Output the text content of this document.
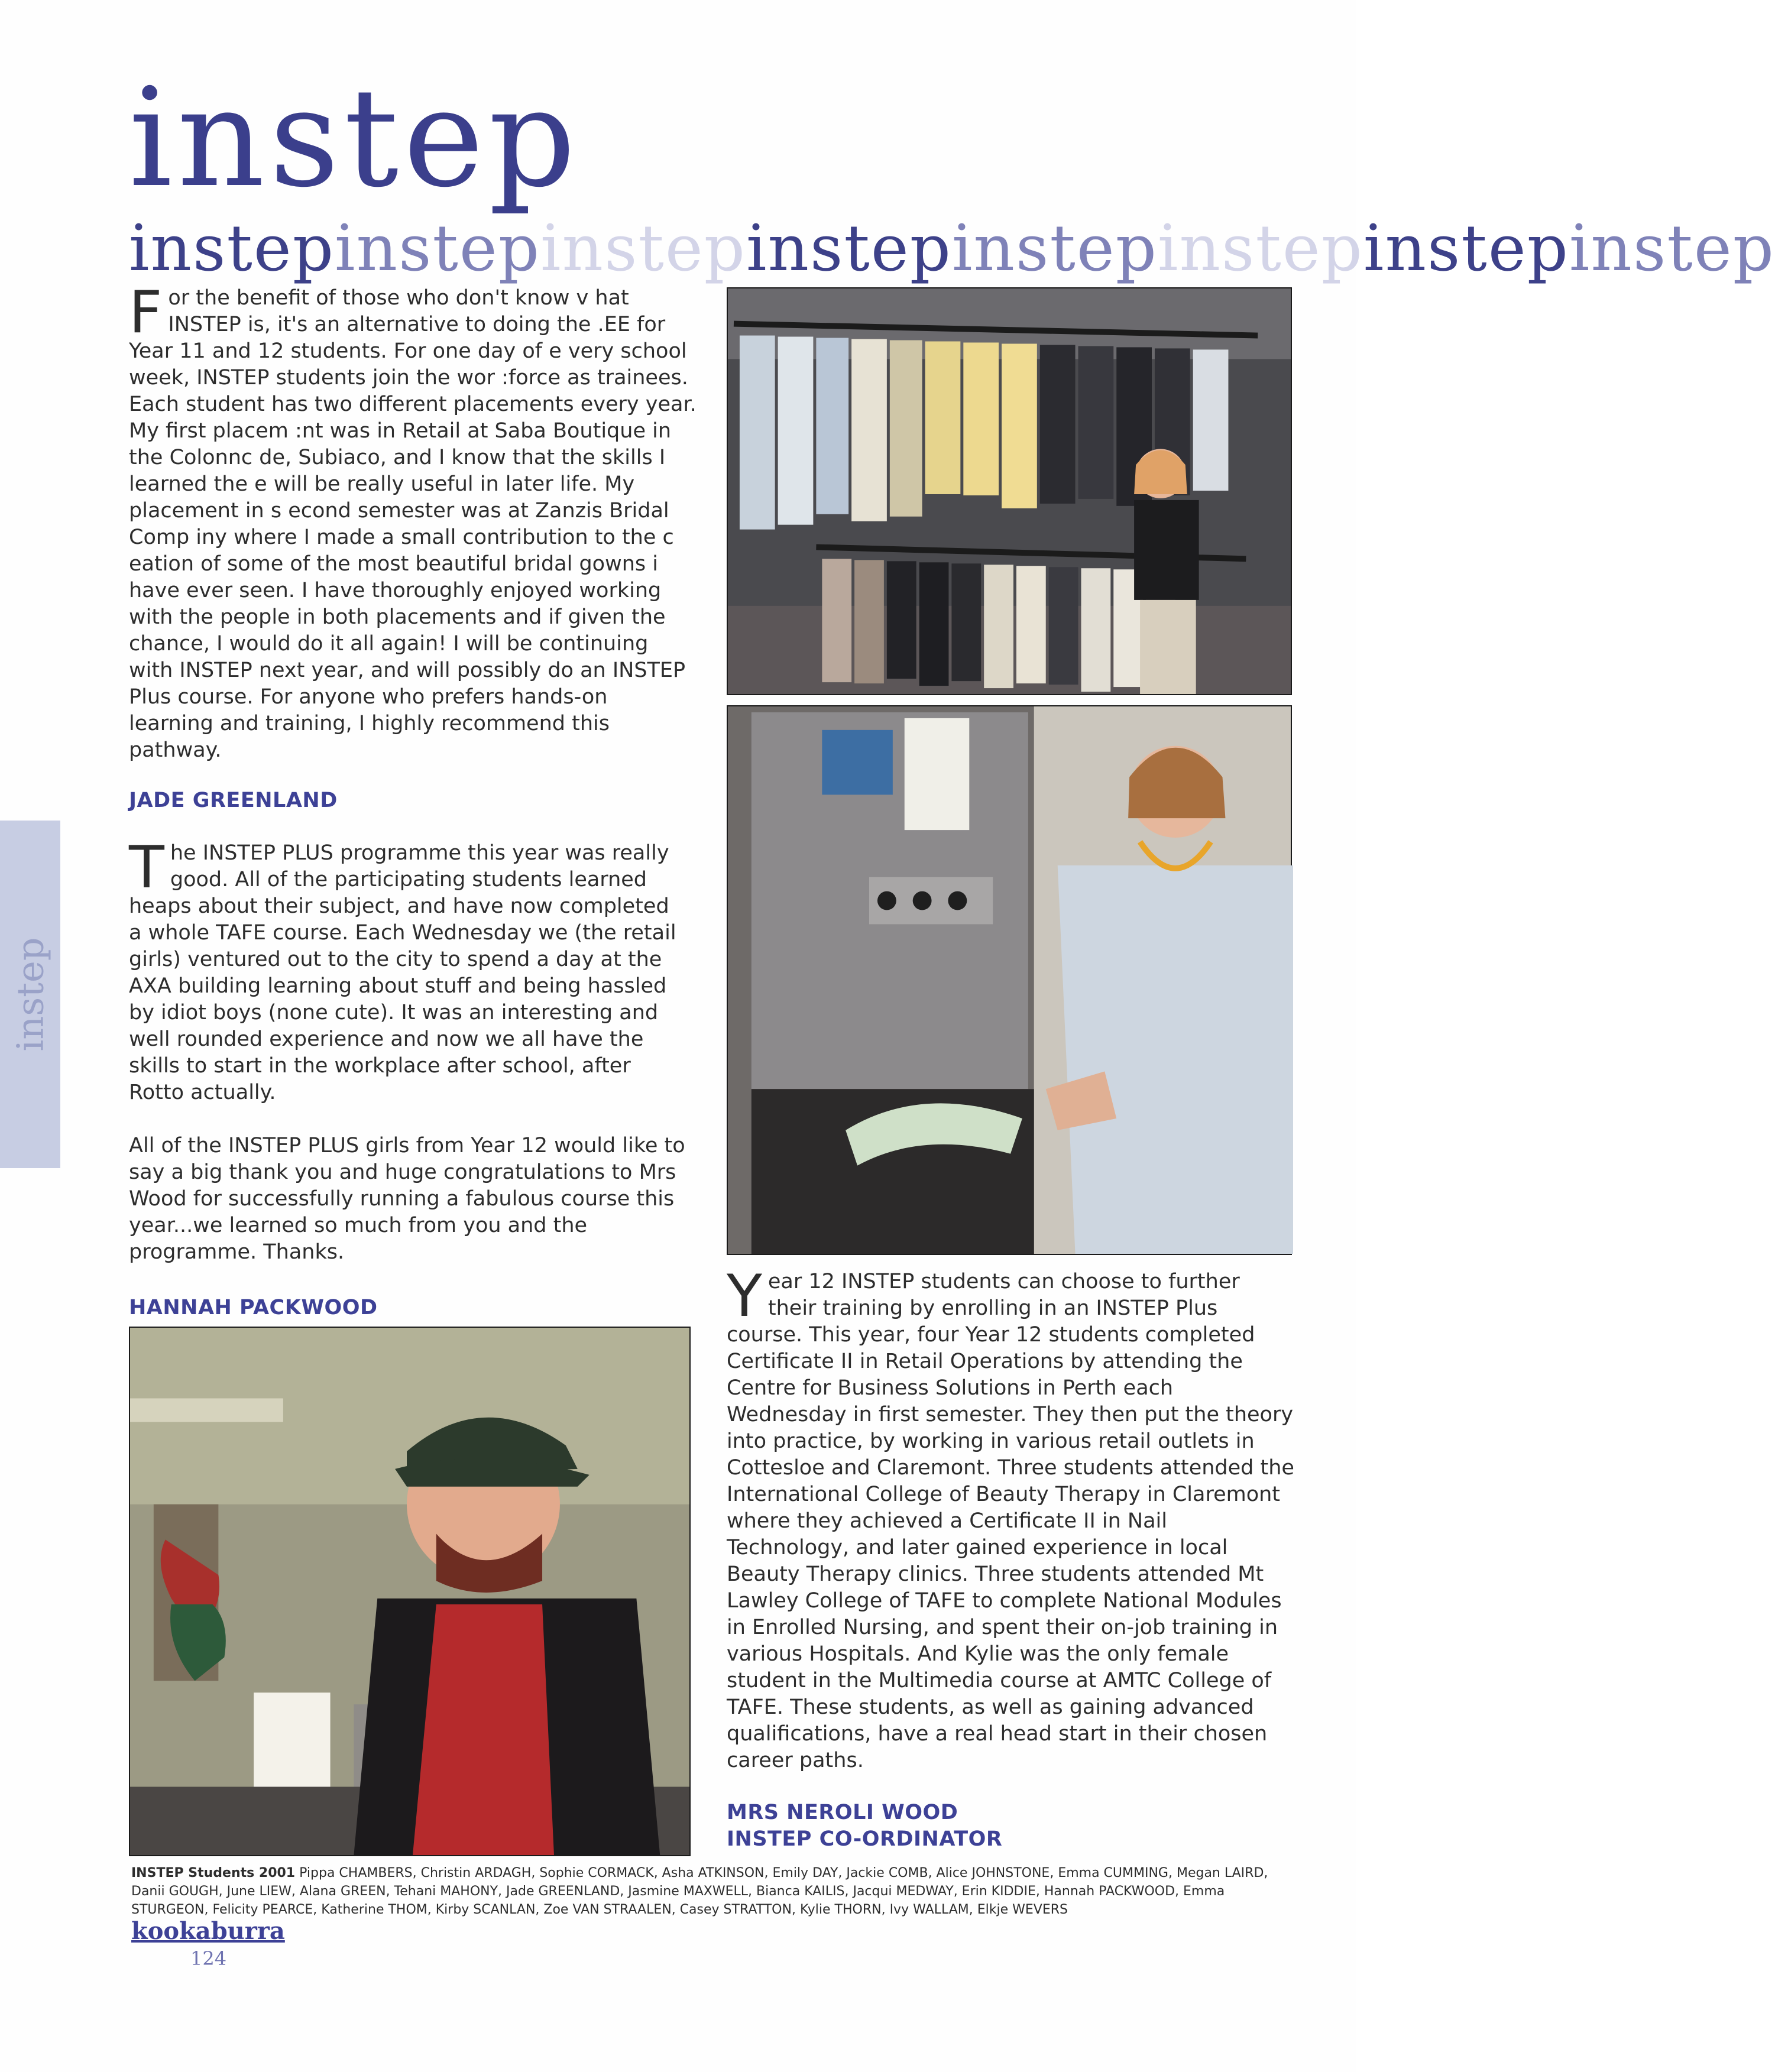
instep
instep instep instep instep instep instep instep instep
instep
For the benefit of those who don't know v hat INSTEP is, it's an alternative to doing the .EE for Year 11 and 12 students. For one day of e very school week, INSTEP students join the wor :force as trainees. Each student has two different placements every year. My first placem :nt was in Retail at Saba Boutique in the Colonnc de, Subiaco, and I know that the skills I learned the e will be really useful in later life. My placement in s econd semester was at Zanzis Bridal Comp iny where I made a small contribution to the c eation of some of the most beautiful bridal gowns i have ever seen. I have thoroughly enjoyed working with the people in both placements and if given the chance, I would do it all again! I will be continuing with INSTEP next year, and will possibly do an INSTEP Plus course. For anyone who prefers hands-on learning and training, I highly recommend this pathway.
JADE GREENLAND
The INSTEP PLUS programme this year was really good. All of the participating students learned heaps about their subject, and have now completed a whole TAFE course. Each Wednesday we (the retail girls) ventured out to the city to spend a day at the AXA building learning about stuff and being hassled by idiot boys (none cute). It was an interesting and well rounded experience and now we all have the skills to start in the workplace after school, after Rotto actually.
All of the INSTEP PLUS girls from Year 12 would like to say a big thank you and huge congratulations to Mrs Wood for successfully running a fabulous course this year...we learned so much from you and the programme. Thanks.
HANNAH PACKWOOD	Year 12 INSTEP students can choose to further their training by enrolling in an INSTEP Plus course. This year, four Year 12 students completed Certificate II in Retail Operations by attending the Centre for Business Solutions in Perth each Wednesday in first semester. They then put the theory into practice, by working in various retail outlets in Cottesloe and Claremont. Three students attended the International College of Beauty Therapy in Claremont where they achieved a Certificate II in Nail Technology, and later gained experience in local Beauty Therapy clinics. Three students attended Mt Lawley College of TAFE to complete National Modules in Enrolled Nursing, and spent their on-job training in various Hospitals. And Kylie was the only female student in the Multimedia course at AMTC College of TAFE. These students, as well as gaining advanced qualifications, have a real head start in their chosen career paths.
MRS NEROLI WOOD
INSTEP CO-ORDINATOR
INSTEP Students 2001 Pippa CHAMBERS, Christin ARDAGH, Sophie CORMACK, Asha ATKINSON, Emily DAY, Jackie COMB, Alice JOHNSTONE, Emma CUMMING, Megan LAIRD, Danii GOUGH, June LIEW, Alana GREEN, Tehani MAHONY, Jade GREENLAND, Jasmine MAXWELL, Bianca KAILIS, Jacqui MEDWAY, Erin KIDDIE, Hannah PACKWOOD, Emma STURGEON, Felicity PEARCE, Katherine THOM, Kirby SCANLAN, Zoe VAN STRAALEN, Casey STRATTON, Kylie THORN, Ivy WALLAM, Elkje WEVERS
kookaburra
124
